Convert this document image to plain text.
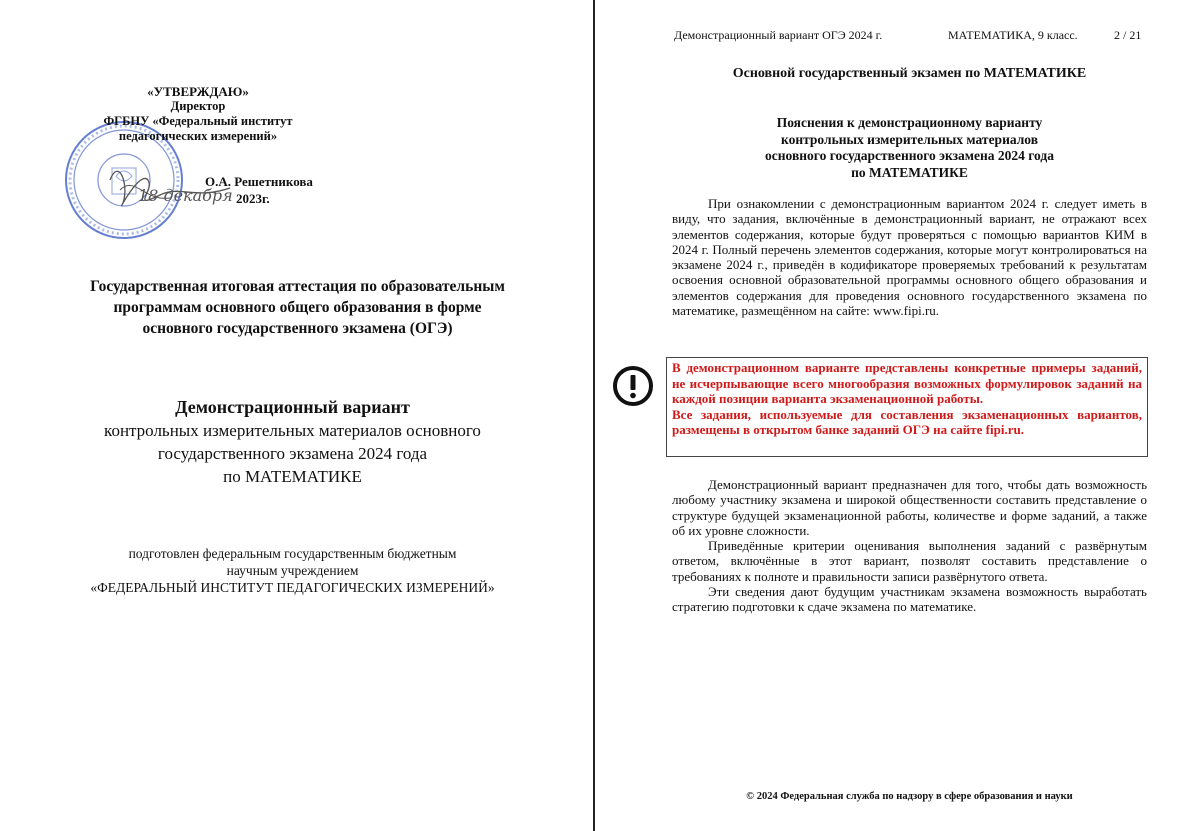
«УТВЕРЖДАЮ»
Директор
ФГБНУ «Федеральный институт
педагогических измерений»
О.А. Решетникова
18 декабря 2023г.
Государственная итоговая аттестация по образовательным
программам основного общего образования в форме
основного государственного экзамена (ОГЭ)
Демонстрационный вариант
контрольных измерительных материалов основного
государственного экзамена 2024 года
по МАТЕМАТИКЕ
подготовлен федеральным государственным бюджетным
научным учреждением
«ФЕДЕРАЛЬНЫЙ ИНСТИТУТ ПЕДАГОГИЧЕСКИХ ИЗМЕРЕНИЙ»
Демонстрационный вариант ОГЭ 2024 г.	МАТЕМАТИКА, 9 класс.	2 / 21
Основной государственный экзамен по МАТЕМАТИКЕ
Пояснения к демонстрационному варианту
контрольных измерительных материалов
основного государственного экзамена 2024 года
по МАТЕМАТИКЕ

При ознакомлении с демонстрационным вариантом 2024 г. следует иметь в виду, что задания, включённые в демонстрационный вариант, не отражают всех элементов содержания, которые будут проверяться с помощью вариантов КИМ в 2024 г. Полный перечень элементов содержания, которые могут контролироваться на экзамене 2024 г., приведён в кодификаторе проверяемых требований к результатам освоения основной образовательной программы основного общего образования и элементов содержания для проведения основного государственного экзамена по математике, размещённом на сайте: www.fipi.ru.

В демонстрационном варианте представлены конкретные примеры заданий, не исчерпывающие всего многообразия возможных формулировок заданий на каждой позиции варианта экзаменационной работы.

Все задания, используемые для составления экзаменационных вариантов, размещены в открытом банке заданий ОГЭ на сайте fipi.ru.

Демонстрационный вариант предназначен для того, чтобы дать возможность любому участнику экзамена и широкой общественности составить представление о структуре будущей экзаменационной работы, количестве и форме заданий, а также об их уровне сложности.

Приведённые критерии оценивания выполнения заданий с развёрнутым ответом, включённые в этот вариант, позволят составить представление о требованиях к полноте и правильности записи развёрнутого ответа.

Эти сведения дают будущим участникам экзамена возможность выработать стратегию подготовки к сдаче экзамена по математике.

© 2024 Федеральная служба по надзору в сфере образования и науки
